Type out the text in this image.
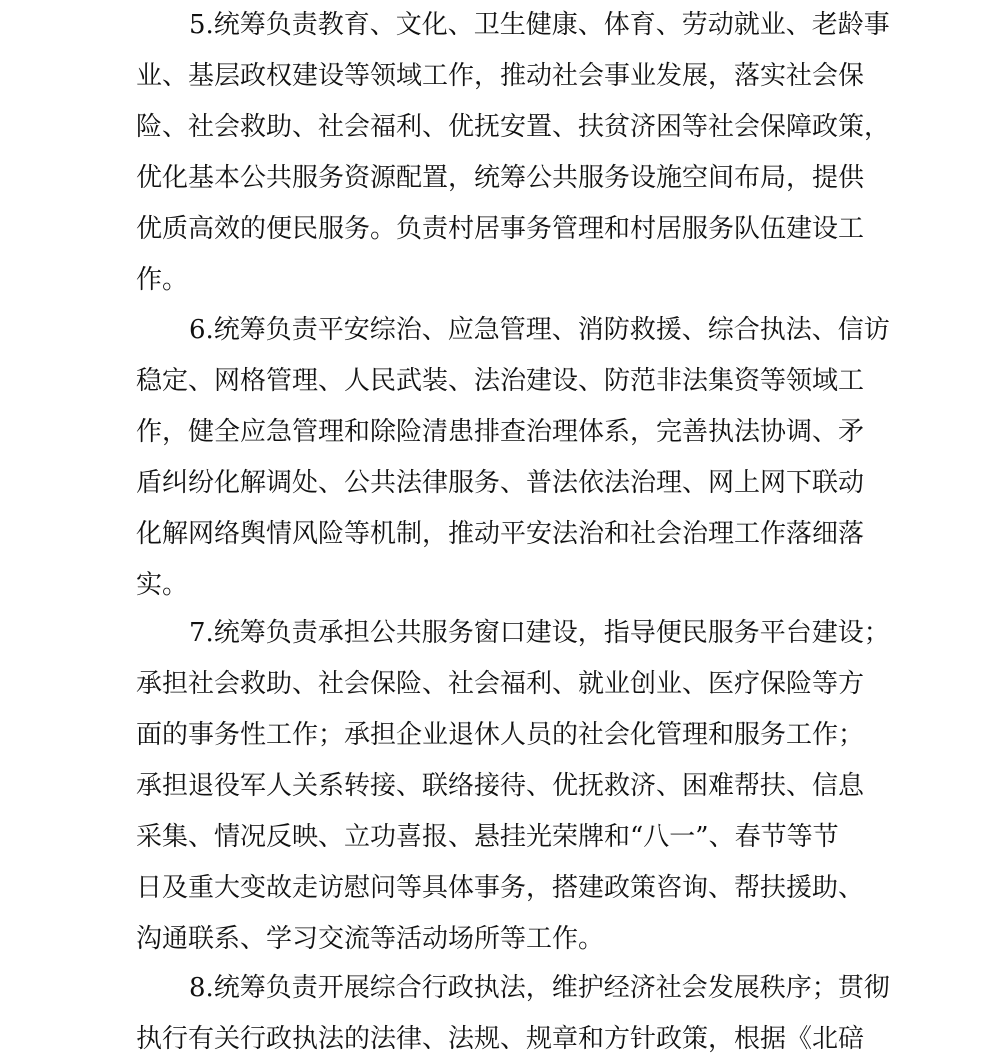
5.统筹负责教育、文化、卫生健康、体育、劳动就业、老龄事
业、基层政权建设等领域工作，推动社会事业发展，落实社会保
险、社会救助、社会福利、优抚安置、扶贫济困等社会保障政策，
优化基本公共服务资源配置，统筹公共服务设施空间布局，提供
优质高效的便民服务。负责村居事务管理和村居服务队伍建设工
作。
6.统筹负责平安综治、应急管理、消防救援、综合执法、信访
稳定、网格管理、人民武装、法治建设、防范非法集资等领域工
作，健全应急管理和除险清患排查治理体系，完善执法协调、矛
盾纠纷化解调处、公共法律服务、普法依法治理、网上网下联动
化解网络舆情风险等机制，推动平安法治和社会治理工作落细落
实。
7.统筹负责承担公共服务窗口建设，指导便民服务平台建设；
承担社会救助、社会保险、社会福利、就业创业、医疗保险等方
面的事务性工作；承担企业退休人员的社会化管理和服务工作；
承担退役军人关系转接、联络接待、优抚救济、困难帮扶、信息
采集、情况反映、立功喜报、悬挂光荣牌和“八一”、春节等节
日及重大变故走访慰问等具体事务，搭建政策咨询、帮扶援助、
沟通联系、学习交流等活动场所等工作。
8.统筹负责开展综合行政执法，维护经济社会发展秩序；贯彻
执行有关行政执法的法律、法规、规章和方针政策，根据《北碚
